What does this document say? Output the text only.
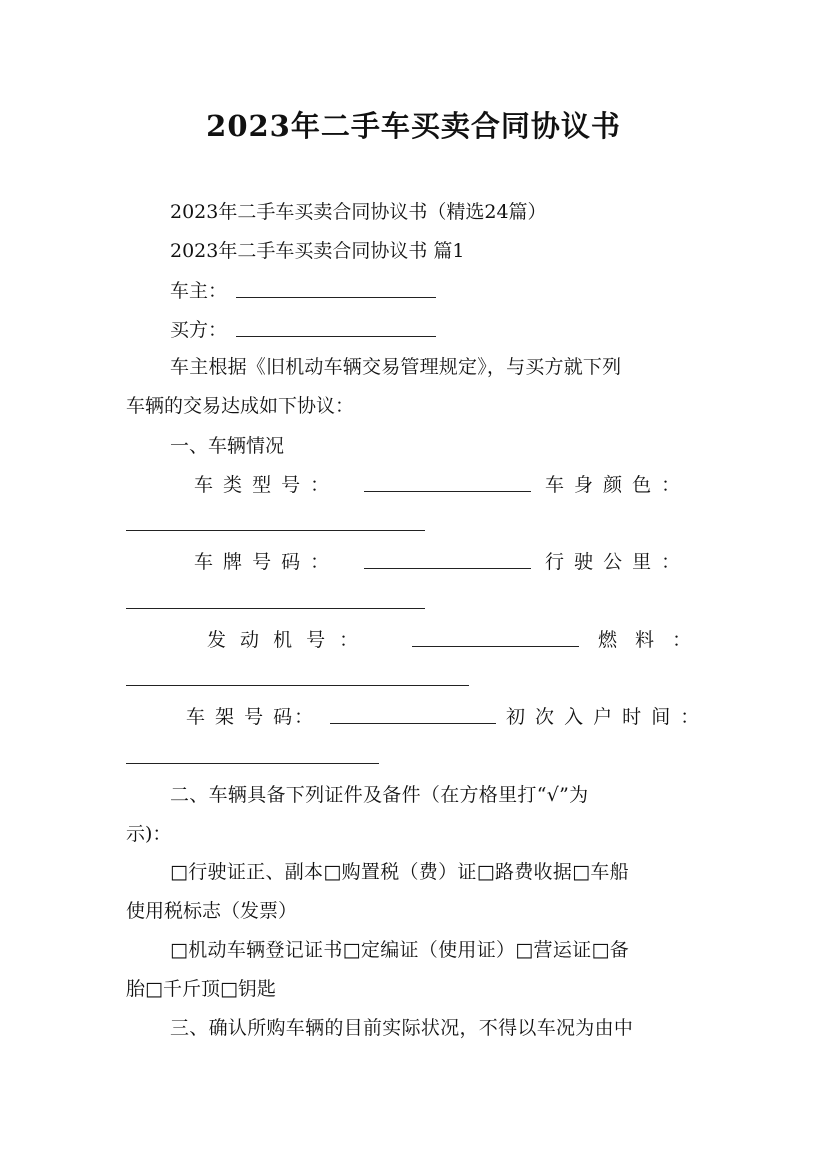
2023年二手车买卖合同协议书
2023年二手车买卖合同协议书（精选24篇）
2023年二手车买卖合同协议书 篇1
车主：
买方：
车主根据《旧机动车辆交易管理规定》，与买方就下列
车辆的交易达成如下协议：
一、车辆情况
车 类 型 号 ：	车 身 颜 色 ：
车 牌 号 码 ：	行 驶 公 里 ：
发 动 机 号 ：	燃 料 ：
车 架 号 码：	初 次 入 户 时 间 ：
二、车辆具备下列证件及备件（在方格里打“√”为
示)：
□行驶证正、副本□购置税（费）证□路费收据□车船
使用税标志（发票）
□机动车辆登记证书□定编证（使用证）□营运证□备
胎□千斤顶□钥匙
三、确认所购车辆的目前实际状况，不得以车况为由中
